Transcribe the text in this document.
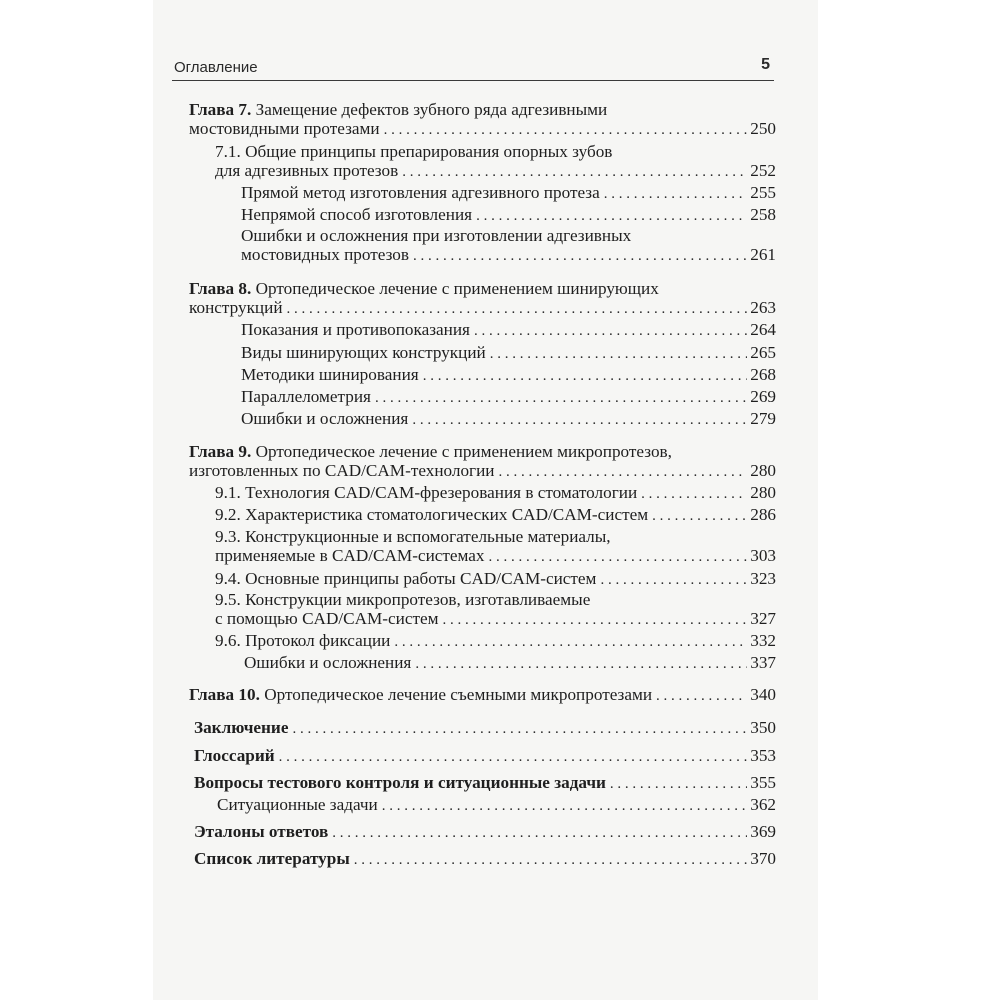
Оглавление	5
Глава 7. Замещение дефектов зубного ряда адгезивными
мостовидными протезами . . .	250
7.1. Общие принципы препарирования опорных зубов
для адгезивных протезов . . .	252
Прямой метод изготовления адгезивного протеза . . .	255
Непрямой способ изготовления . . .	258
Ошибки и осложнения при изготовлении адгезивных
мостовидных протезов . . .	261
Глава 8. Ортопедическое лечение с применением шинирующих
конструкций . . .	263
Показания и противопоказания . . .	264
Виды шинирующих конструкций . . .	265
Методики шинирования . . .	268
Параллелометрия . . .	269
Ошибки и осложнения . . .	279
Глава 9. Ортопедическое лечение с применением микропротезов,
изготовленных по CAD/CAM-технологии . . .	280
9.1. Технология CAD/CAM-фрезерования в стоматологии . . .	280
9.2. Характеристика стоматологических CAD/CAM-систем . . .	286
9.3. Конструкционные и вспомогательные материалы,
применяемые в CAD/CAM-системах . . .	303
9.4. Основные принципы работы CAD/CAM-систем . . .	323
9.5. Конструкции микропротезов, изготавливаемые
с помощью CAD/CAM-систем . . .	327
9.6. Протокол фиксации . . .	332
Ошибки и осложнения . . .	337
Глава 10. Ортопедическое лечение съемными микропротезами . . .	340
Заключение . . .	350
Глоссарий . . .	353
Вопросы тестового контроля и ситуационные задачи . . .	355
Ситуационные задачи . . .	362
Эталоны ответов . . .	369
Список литературы . . .	370
